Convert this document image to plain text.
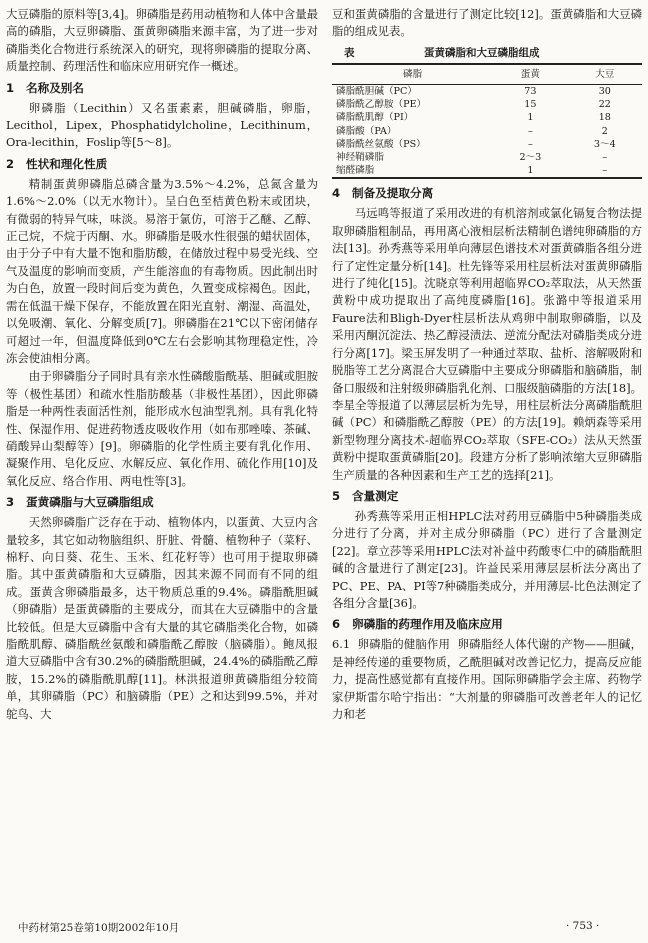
大豆磷脂的原料等[3,4]。卵磷脂是药用动植物和人体中含量最高的磷脂，大豆卵磷脂、蛋黄卵磷脂来源丰富，为了进一步对磷脂类化合物进行系统深入的研究，现将卵磷脂的提取分离、质量控制、药理活性和临床应用研究作一概述。

1 名称及别名

卵磷脂（Lecithin）又名蛋素素，胆碱磷脂，卵脂，Lecithol，Lipex，Phosphatidylcholine，Lecithinum，Ora-lecithin，Foslip等[5～8]。

2 性状和理化性质

精制蛋黄卵磷脂总磷含量为3.5%～4.2%，总氮含量为1.6%～2.0%（以无水物计）。呈白色至桔黄色粉末或团块，有微弱的特异气味，味淡。易溶于氯仿，可溶于乙醚、乙醇、正己烷，不烷于丙酮、水。卵磷脂是吸水性很强的蜡状固体，由于分子中有大量不饱和脂肪酸，在储放过程中易受光线、空气及温度的影响而变质，产生能溶血的有毒物质。因此制出时为白色，放置一段时间后变为黄色，久置变成棕褐色。因此，需在低温干燥下保存，不能放置在阳光直射、潮湿、高温处，以免吸潮、氧化、分解变质[7]。卵磷脂在21℃以下密闭储存可超过一年，但温度降低到0℃左右会影响其物理稳定性，冷冻会使油相分离。

由于卵磷脂分子同时具有亲水性磷酸脂酰基、胆碱或胆胺等（极性基团）和疏水性脂肪酸基（非极性基团），因此卵磷脂是一种两性表面活性剂，能形成水包油型乳剂。具有乳化特性、保湿作用、促进药物透皮吸收作用（如布那唑嗪、茶碱、硝酸异山梨醇等）[9]。卵磷脂的化学性质主要有乳化作用、凝聚作用、皂化反应、水解反应、氧化作用、硫化作用[10]及氧化反应、络合作用、两电性等[3]。

3 蛋黄磷脂与大豆磷脂组成

天然卵磷脂广泛存在于动、植物体内，以蛋黄、大豆内含量较多，其它如动物脑组织、肝脏、骨髓、植物种子（菜籽、棉籽、向日葵、花生、玉米、红花籽等）也可用于提取卵磷脂。其中蛋黄磷脂和大豆磷脂，因其来源不同而有不同的组成。蛋黄含卵磷脂最多，达干物质总重的9.4%。磷脂酰胆碱（卵磷脂）是蛋黄磷脂的主要成分，而其在大豆磷脂中的含量比较低。但是大豆磷脂中含有大量的其它磷脂类化合物，如磷脂酰肌醇、磷脂酰丝氨酸和磷脂酰乙醇胺（脑磷脂）。鲍凤报道大豆磷脂中含有30.2%的磷脂酰胆碱，24.4%的磷脂酰乙醇胺，15.2%的磷脂酰肌醇[11]。林洪报道卵黄磷脂组分较简单，其卵磷脂（PC）和脑磷脂（PE）之和达到99.5%，并对鸵鸟、大

豆和蛋黄磷脂的含量进行了测定比较[12]。蛋黄磷脂和大豆磷脂的组成见表。

表	蛋黄磷脂和大豆磷脂组成
磷脂	蛋黄	大豆
磷脂酰胆碱（PC）	73	30
磷脂酰乙醇胺（PE）	15	22
磷脂酰肌醇（PI）	1	18
磷脂酸（PA）	–	2
磷脂酰丝氨酸（PS）	–	3～4
神经鞘磷脂	2～3	–
缩醛磷脂	1	–
4 制备及提取分离

马远鸣等报道了采用改进的有机溶剂或氯化镉复合物法提取卵磷脂粗制品，再用离心液相层析法精制色谱纯卵磷脂的方法[13]。孙秀燕等采用单向薄层色谱技术对蛋黄磷脂各组分进行了定性定量分析[14]。杜先锋等采用柱层析法对蛋黄卵磷脂进行了纯化[15]。沈晓京等利用超临界CO₂萃取法，从天然蛋黄粉中成功提取出了高纯度磷脂[16]。张潞中等报道采用Faure法和Bligh-Dyer柱层析法从鸡卵中制取卵磷脂，以及采用丙酮沉淀法、热乙醇浸渍法、逆流分配法对磷脂类成分进行分离[17]。梁玉屏发明了一种通过萃取、盐析、溶解吸附和脱脂等工艺分离混合大豆磷脂中主要成分卵磷脂和脑磷脂，制备口服级和注射级卵磷脂乳化剂、口服级脑磷脂的方法[18]。李星全等报道了以薄层层析为先导，用柱层析法分离磷脂酰胆碱（PC）和磷脂酰乙醇胺（PE）的方法[19]。赖炳森等采用新型物理分离技术-超临界CO₂萃取（SFE-CO₂）法从天然蛋黄粉中提取蛋黄磷脂[20]。段建方分析了影响浓缩大豆卵磷脂生产质量的各种因素和生产工艺的选择[21]。

5 含量测定

孙秀燕等采用正相HPLC法对药用豆磷脂中5种磷脂类成分进行了分离，并对主成分卵磷脂（PC）进行了含量测定[22]。章立莎等采用HPLC法对补益中药酸枣仁中的磷脂酰胆碱的含量进行了测定[23]。许益民采用薄层层析法分离出了PC、PE、PA、PI等7种磷脂类成分，并用薄层-比色法测定了各组分含量[36]。

6 卵磷脂的药理作用及临床应用

6.1 卵磷脂的健脑作用 卵磷脂经人体代谢的产物——胆碱，是神经传递的重要物质，乙酰胆碱对改善记忆力，提高反应能力，提高性感觉都有直接作用。国际卵磷脂学会主席、药物学家伊斯雷尔哈宁指出：“大剂量的卵磷脂可改善老年人的记忆力和老

中药材第25卷第10期2002年10月	· 753 ·
